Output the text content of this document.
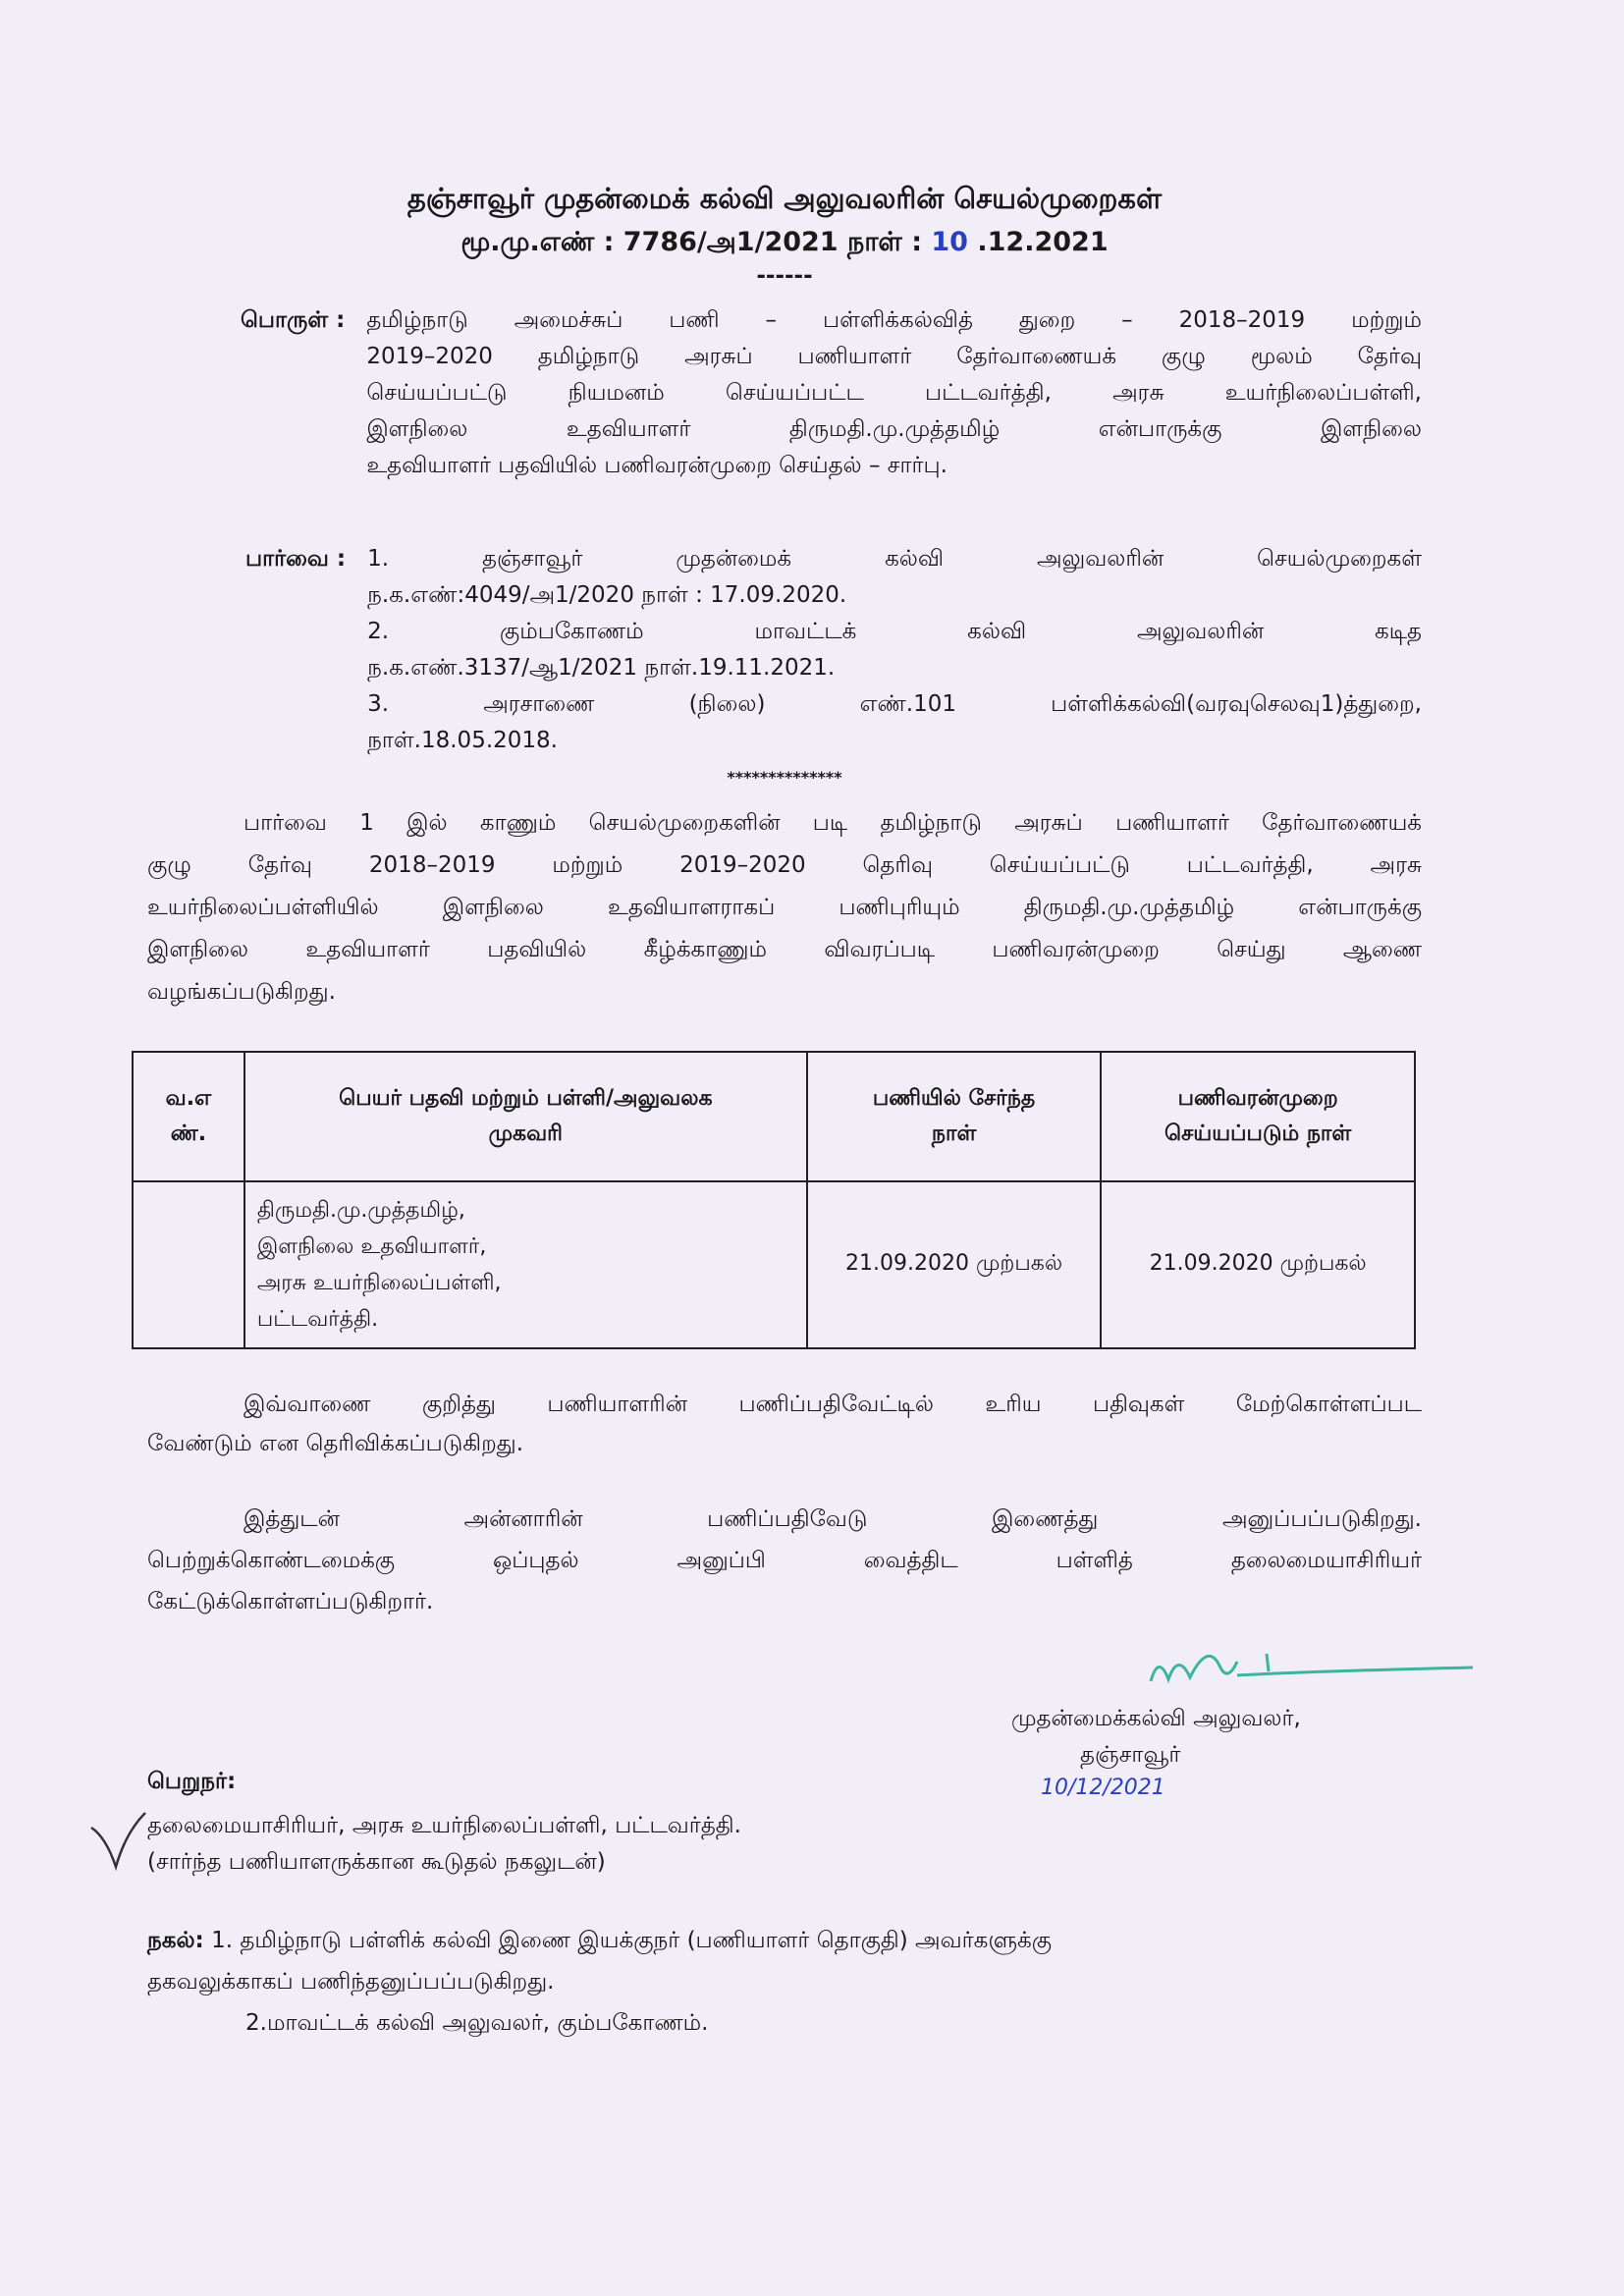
தஞ்சாவூர் முதன்மைக் கல்வி அலுவலரின் செயல்முறைகள்
மூ.மு.எண் : 7786/அ1/2021 நாள் : 10 .12.2021
------
பொருள் : தமிழ்நாடு அமைச்சுப் பணி – பள்ளிக்கல்வித் துறை – 2018–2019 மற்றும்
2019–2020 தமிழ்நாடு அரசுப் பணியாளர் தேர்வாணையக் குழு மூலம் தேர்வு
செய்யப்பட்டு நியமனம் செய்யப்பட்ட பட்டவர்த்தி, அரசு உயர்நிலைப்பள்ளி,
இளநிலை உதவியாளர் திருமதி.மு.முத்தமிழ் என்பாருக்கு இளநிலை
உதவியாளர் பதவியில் பணிவரன்முறை செய்தல் – சார்பு.
பார்வை : 1. தஞ்சாவூர் முதன்மைக் கல்வி அலுவலரின் செயல்முறைகள்
ந.க.எண்:4049/அ1/2020 நாள் : 17.09.2020.
2. கும்பகோணம் மாவட்டக் கல்வி அலுவலரின் கடித
ந.க.எண்.3137/ஆ1/2021 நாள்.19.11.2021.
3. அரசாணை (நிலை) எண்.101 பள்ளிக்கல்வி(வரவுசெலவு1)த்துறை,
நாள்.18.05.2018.
**************
பார்வை 1 இல் காணும் செயல்முறைகளின் படி தமிழ்நாடு அரசுப் பணியாளர் தேர்வாணையக்
குழு தேர்வு 2018–2019 மற்றும் 2019–2020 தெரிவு செய்யப்பட்டு பட்டவர்த்தி, அரசு
உயர்நிலைப்பள்ளியில் இளநிலை உதவியாளராகப் பணிபுரியும் திருமதி.மு.முத்தமிழ் என்பாருக்கு
இளநிலை உதவியாளர் பதவியில் கீழ்க்காணும் விவரப்படி பணிவரன்முறை செய்து ஆணை
வழங்கப்படுகிறது.
வ.எ ண்.	பெயர் பதவி மற்றும் பள்ளி/அலுவலக முகவரி	பணியில் சேர்ந்த நாள்	பணிவரன்முறை செய்யப்படும் நாள்

	திருமதி.மு.முத்தமிழ்,
இளநிலை உதவியாளர்,
அரசு உயர்நிலைப்பள்ளி,
பட்டவர்த்தி.	21.09.2020 முற்பகல்	21.09.2020 முற்பகல்
இவ்வாணை குறித்து பணியாளரின் பணிப்பதிவேட்டில் உரிய பதிவுகள் மேற்கொள்ளப்பட
வேண்டும் என தெரிவிக்கப்படுகிறது.
இத்துடன் அன்னாரின் பணிப்பதிவேடு இணைத்து அனுப்பப்படுகிறது.
பெற்றுக்கொண்டமைக்கு ஒப்புதல் அனுப்பி வைத்திட பள்ளித் தலைமையாசிரியர்
கேட்டுக்கொள்ளப்படுகிறார்.
முதன்மைக்கல்வி அலுவலர்,
தஞ்சாவூர்
10/12/2021
பெறுநர்:
தலைமையாசிரியர், அரசு உயர்நிலைப்பள்ளி, பட்டவர்த்தி.
(சார்ந்த பணியாளருக்கான கூடுதல் நகலுடன்)
நகல்: 1. தமிழ்நாடு பள்ளிக் கல்வி இணை இயக்குநர் (பணியாளர் தொகுதி) அவர்களுக்கு
தகவலுக்காகப் பணிந்தனுப்பப்படுகிறது.
2.மாவட்டக் கல்வி அலுவலர், கும்பகோணம்.
